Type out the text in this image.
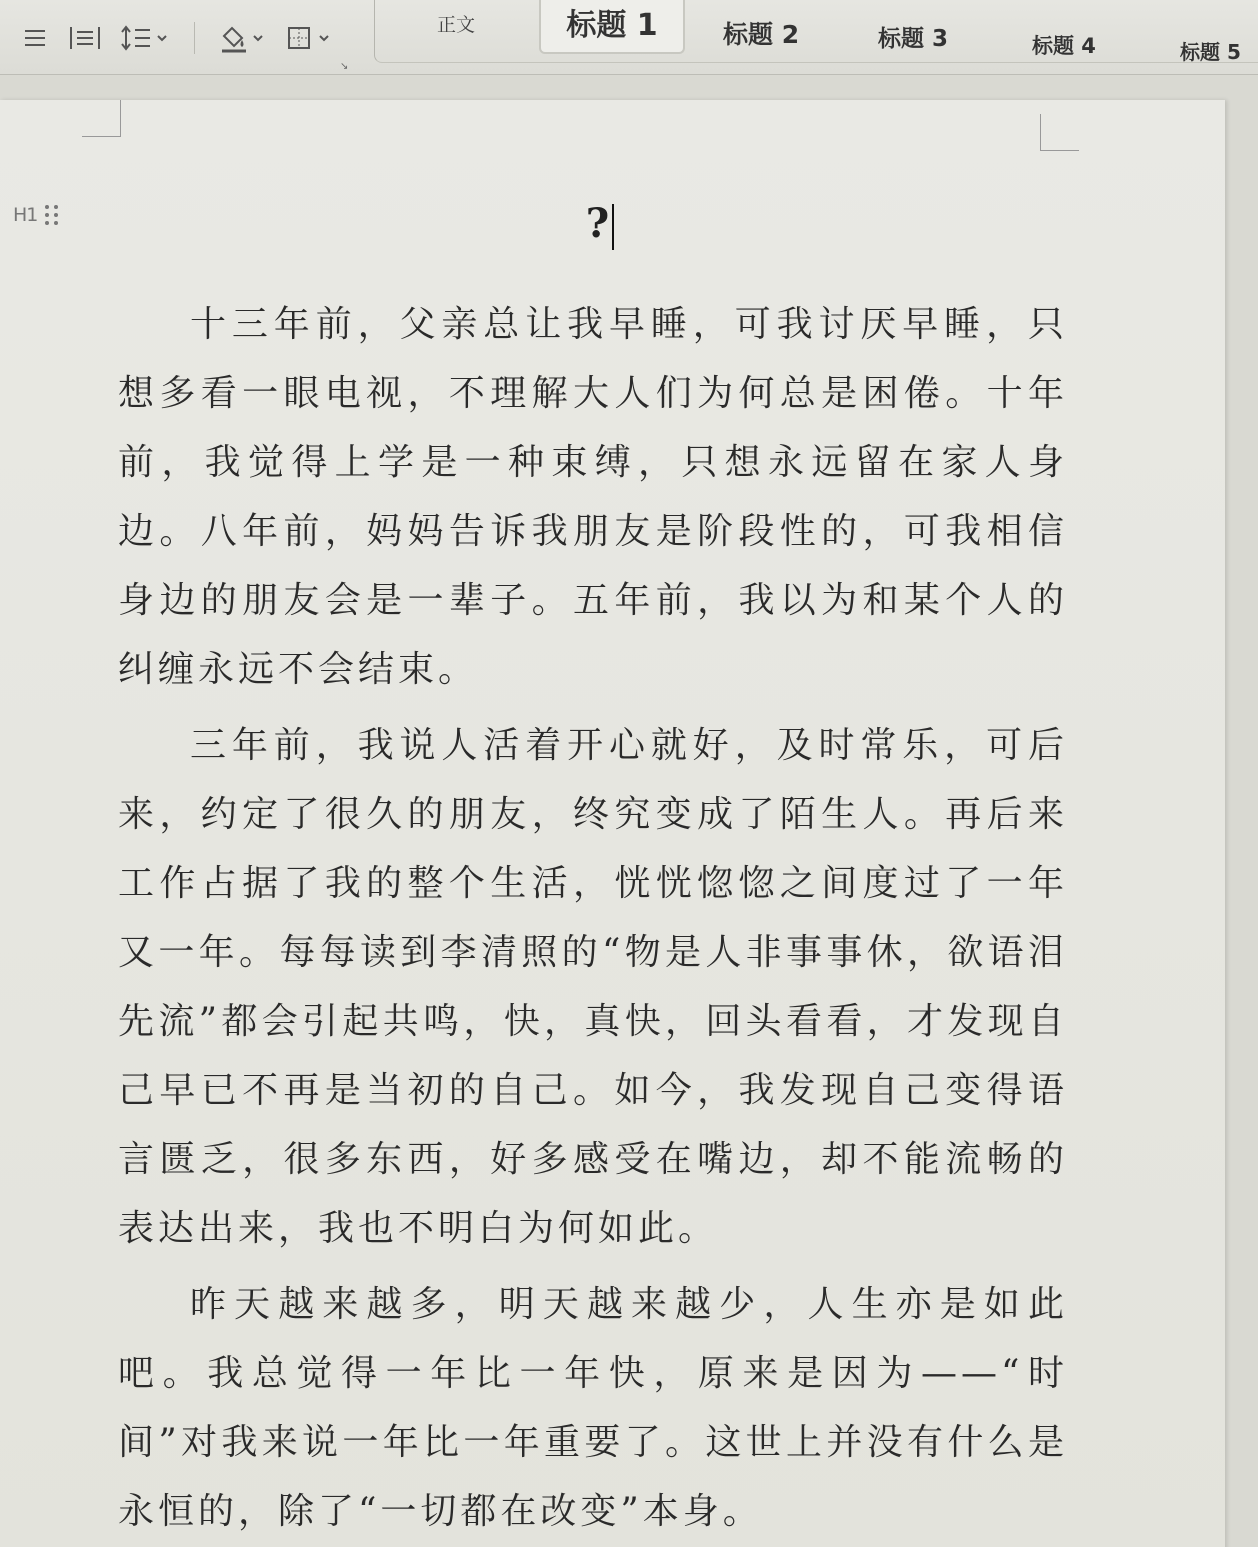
↘
正文	标题 1	标题 2	标题 3	标题 4	标题 5
H1	?

十三年前，父亲总让我早睡，可我讨厌早睡，只想多看一眼电视，不理解大人们为何总是困倦。十年前，我觉得上学是一种束缚，只想永远留在家人身边。八年前，妈妈告诉我朋友是阶段性的，可我相信身边的朋友会是一辈子。五年前，我以为和某个人的纠缠永远不会结束。

三年前，我说人活着开心就好，及时常乐，可后来，约定了很久的朋友，终究变成了陌生人。再后来工作占据了我的整个生活，恍恍惚惚之间度过了一年又一年。每每读到李清照的“物是人非事事休，欲语泪先流”都会引起共鸣，快，真快，回头看看，才发现自己早已不再是当初的自己。如今，我发现自己变得语言匮乏，很多东西，好多感受在嘴边，却不能流畅的表达出来，我也不明白为何如此。

昨天越来越多，明天越来越少，人生亦是如此吧。我总觉得一年比一年快，原来是因为——“时间”对我来说一年比一年重要了。这世上并没有什么是永恒的，除了“一切都在改变”本身。
